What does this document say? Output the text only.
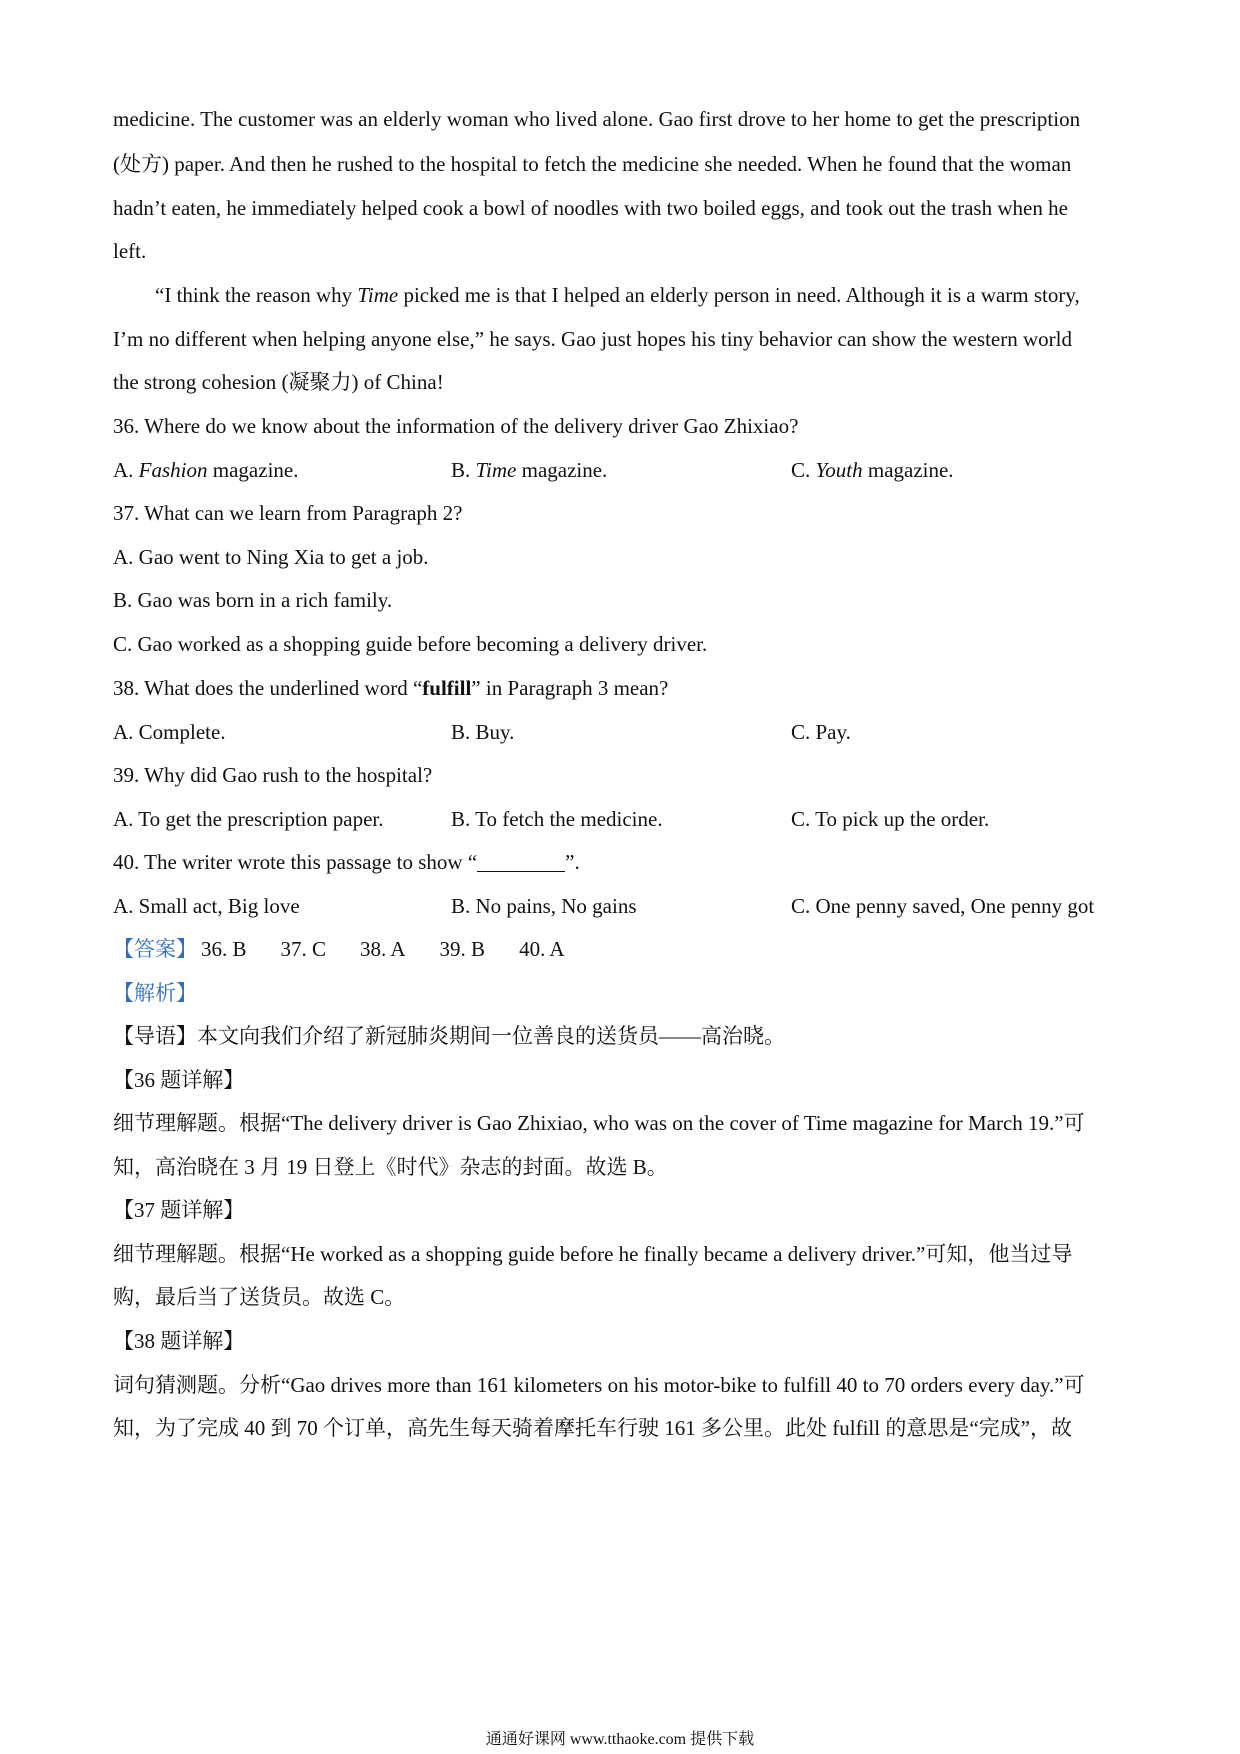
medicine. The customer was an elderly woman who lived alone. Gao first drove to her home to get the prescription
(处方) paper. And then he rushed to the hospital to fetch the medicine she needed. When he found that the woman
hadn’t eaten, he immediately helped cook a bowl of noodles with two boiled eggs, and took out the trash when he
left.
“I think the reason why Time picked me is that I helped an elderly person in need. Although it is a warm story,
I’m no different when helping anyone else,” he says. Gao just hopes his tiny behavior can show the western world
the strong cohesion (凝聚力) of China!
36. Where do we know about the information of the delivery driver Gao Zhixiao?
A. Fashion magazine.	B. Time magazine.	C. Youth magazine.
37. What can we learn from Paragraph 2?
A. Gao went to Ning Xia to get a job.
B. Gao was born in a rich family.
C. Gao worked as a shopping guide before becoming a delivery driver.
38. What does the underlined word “fulfill” in Paragraph 3 mean?
A. Complete.	B. Buy.	C. Pay.
39. Why did Gao rush to the hospital?
A. To get the prescription paper.	B. To fetch the medicine.	C. To pick up the order.
40. The writer wrote this passage to show “	”.
A. Small act, Big love	B. No pains, No gains	C. One penny saved, One penny got
【答案】 36. B 37. C 38. A 39. B 40. A
【解析】
【导语】本文向我们介绍了新冠肺炎期间一位善良的送货员——高治晓。
【36 题详解】
细节理解题。根据“The delivery driver is Gao Zhixiao, who was on the cover of Time magazine for March 19.”可
知，高治晓在 3 月 19 日登上《时代》杂志的封面。故选 B。
【37 题详解】
细节理解题。根据“He worked as a shopping guide before he finally became a delivery driver.”可知，他当过导
购，最后当了送货员。故选 C。
【38 题详解】
词句猜测题。分析“Gao drives more than 161 kilometers on his motor-bike to fulfill 40 to 70 orders every day.”可
知，为了完成 40 到 70 个订单，高先生每天骑着摩托车行驶 161 多公里。此处 fulfill 的意思是“完成”，故
通通好课网 www.tthaoke.com 提供下载
